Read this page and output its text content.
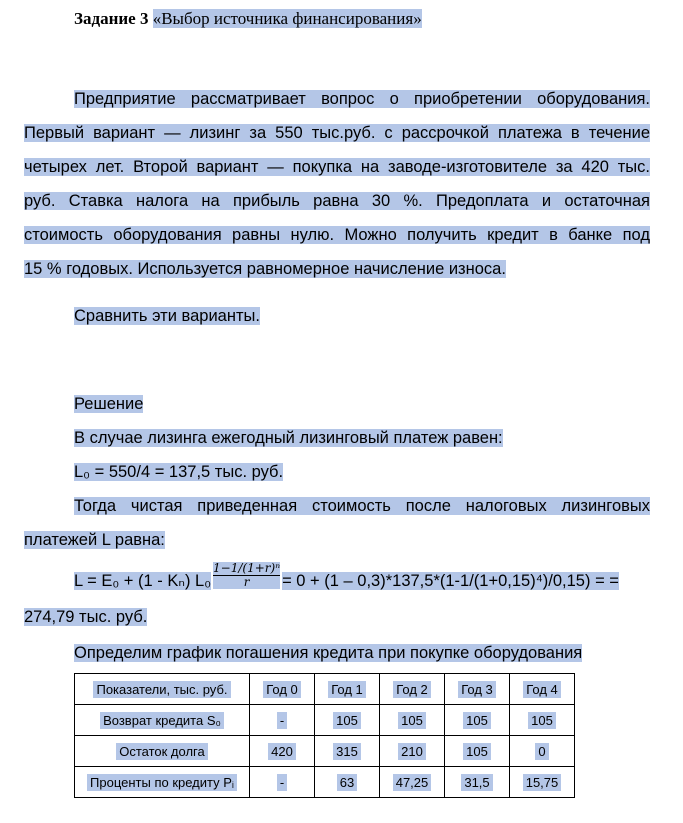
Задание 3 «Выбор источника финансирования»
Предприятие рассматривает вопрос о приобретении оборудования.
Первый вариант — лизинг за 550 тыс.руб. с рассрочкой платежа в течение
четырех лет. Второй вариант — покупка на заводе-изготовителе за 420 тыс.
руб. Ставка налога на прибыль равна 30 %. Предоплата и остаточная
стоимость оборудования равны нулю. Можно получить кредит в банке под
15 % годовых. Используется равномерное начисление износа.
Сравнить эти варианты.
Решение
В случае лизинга ежегодный лизинговый платеж равен:
L₀ = 550/4 = 137,5 тыс. руб.
Тогда чистая приведенная стоимость после налоговых лизинговых
платежей L равна:
L = E₀ + (1 - Kₙ) $L_0 \frac{\text{1−1/(1+r)ⁿ}}{r} = 0 + (1 - 0,3)*137,5*(1-1/(1+0,15)^4)/0,15$) = =
274,79 тыс. руб.
Определим график погашения кредита при покупке оборудования
Показатели, тыс. руб.	Год 0	Год 1	Год 2	Год 3	Год 4
Возврат кредита S₀	-	105	105	105	105
Остаток долга	420	315	210	105	0
Проценты по кредиту Pᵢ	-	63	47,25	31,5	15,75
